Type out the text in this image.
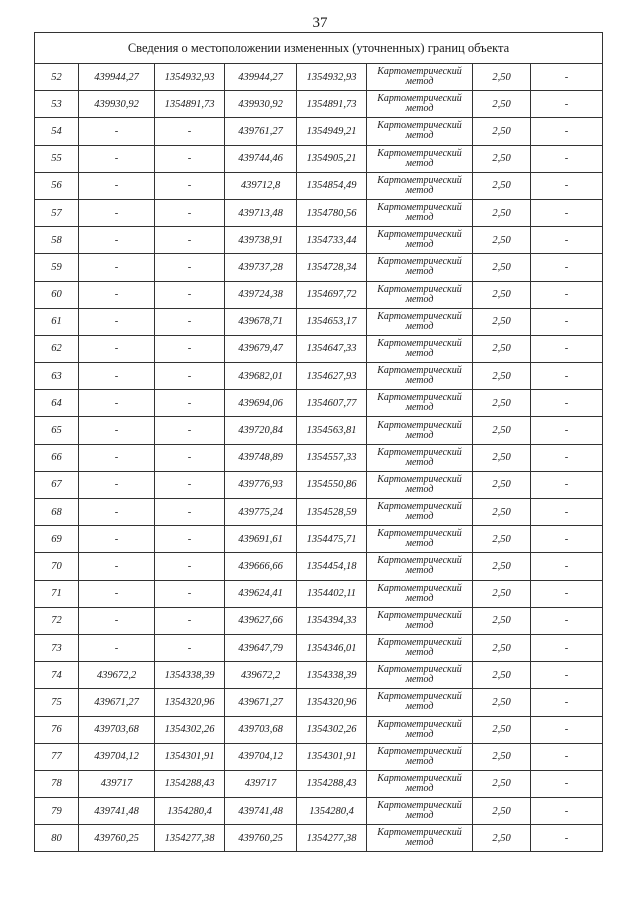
37
Сведения о местоположении измененных (уточненных) границ объекта							
52	439944,27	1354932,93	439944,27	1354932,93	Картометрический
метод	2,50	-
53	439930,92	1354891,73	439930,92	1354891,73	Картометрический
метод	2,50	-
54	-	-	439761,27	1354949,21	Картометрический
метод	2,50	-
55	-	-	439744,46	1354905,21	Картометрический
метод	2,50	-
56	-	-	439712,8	1354854,49	Картометрический
метод	2,50	-
57	-	-	439713,48	1354780,56	Картометрический
метод	2,50	-
58	-	-	439738,91	1354733,44	Картометрический
метод	2,50	-
59	-	-	439737,28	1354728,34	Картометрический
метод	2,50	-
60	-	-	439724,38	1354697,72	Картометрический
метод	2,50	-
61	-	-	439678,71	1354653,17	Картометрический
метод	2,50	-
62	-	-	439679,47	1354647,33	Картометрический
метод	2,50	-
63	-	-	439682,01	1354627,93	Картометрический
метод	2,50	-
64	-	-	439694,06	1354607,77	Картометрический
метод	2,50	-
65	-	-	439720,84	1354563,81	Картометрический
метод	2,50	-
66	-	-	439748,89	1354557,33	Картометрический
метод	2,50	-
67	-	-	439776,93	1354550,86	Картометрический
метод	2,50	-
68	-	-	439775,24	1354528,59	Картометрический
метод	2,50	-
69	-	-	439691,61	1354475,71	Картометрический
метод	2,50	-
70	-	-	439666,66	1354454,18	Картометрический
метод	2,50	-
71	-	-	439624,41	1354402,11	Картометрический
метод	2,50	-
72	-	-	439627,66	1354394,33	Картометрический
метод	2,50	-
73	-	-	439647,79	1354346,01	Картометрический
метод	2,50	-
74	439672,2	1354338,39	439672,2	1354338,39	Картометрический
метод	2,50	-
75	439671,27	1354320,96	439671,27	1354320,96	Картометрический
метод	2,50	-
76	439703,68	1354302,26	439703,68	1354302,26	Картометрический
метод	2,50	-
77	439704,12	1354301,91	439704,12	1354301,91	Картометрический
метод	2,50	-
78	439717	1354288,43	439717	1354288,43	Картометрический
метод	2,50	-
79	439741,48	1354280,4	439741,48	1354280,4	Картометрический
метод	2,50	-
80	439760,25	1354277,38	439760,25	1354277,38	Картометрический
метод	2,50	-
